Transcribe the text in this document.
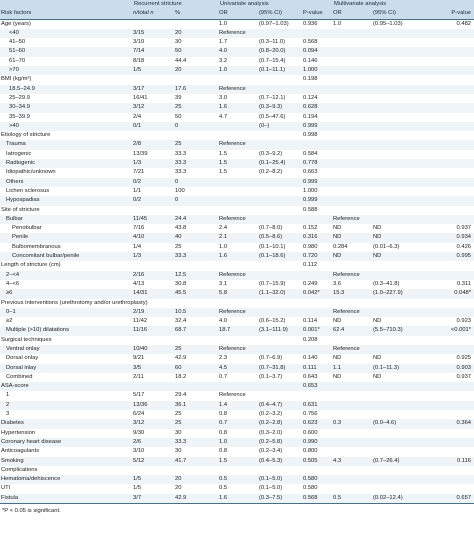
	Recurrent stricture		Univariate analysis			Multivariate analysis		
Risk factors	n/total n	%	OR	(95% CI)	P-value	OR	(95% CI)	P-value
Age (years)			1.0	(0.97–1.03)	0.936	1.0	(0.95–1.03)	0.482
<40	3/15	20	Reference					
41–50	3/10	30	1.7	(0.3–11.0)	0.568			
51–60	7/14	50	4.0	(0.8–20.0)	0.094			
61–70	8/18	44.4	3.2	(0.7–15.4)	0.146			
>70	1/5	20	1.0	(0.1–11.1)	1.000			
BMI (kg/m²)					0.198			
18.5–24.9	3/17	17.6	Reference					
25–29.9	16/41	39	3.0	(0.7–12.1)	0.124			
30–34.9	3/12	25	1.6	(0.3–9.3)	0.628			
35–39.9	2/4	50	4.7	(0.5–47.6)	0.194			
>40	0/1	0		(0–)	0.999			
Etiology of stricture					0.998			
Trauma	2/8	25	Reference					
Iatrogenic	13/39	33.3	1.5	(0.3–9.2)	0.584			
Radiogenic	1/3	33.3	1.5	(0.1–25.4)	0.778			
Idiopathic/unknown	7/21	33.3	1.5	(0.2–8.2)	0.663			
Others	0/2	0			0.999			
Lichen sclerosus	1/1	100			1.000			
Hypospadias	0/2	0			0.999			
Site of stricture					0.588			
Bulbar	11/45	24.4	Reference			Reference		
Penobulbar	7/16	43.8	2.4	(0.7–8.0)	0.152	ND	ND	0.937
Penile	4/10	40	2.1	(0.5–8.6)	0.316	ND	ND	0.934
Bulbomembranous	1/4	25	1.0	(0.1–10.1)	0.980	0.284	(0.01–6.3)	0.426
Concomitant bulbar/penile	1/3	33.3	1.6	(0.1–18.6)	0.720	ND	ND	0.995
Length of stricture (cm)					0.112			
2–<4	2/16	12.5	Reference			Reference		
4–<6	4/13	30.8	3.1	(0.7–15.9)	0.249	3.6	(0.3–41.8)	0.311
≥6	14/31	45.5	5.8	(1.1–32.0)	0.042*	15.3	(1.0–227.9)	0.048*
Previous interventions (urethrotomy and/or urethroplasty)								
0–1	2/19	10.5	Reference			Reference		
≥2	11/42	32.4	4.0	(0.6–15.2)	0.114	ND	ND	0.923
Multiple (>10) dilatations	11/16	68.7	18.7	(3.1–111.9)	0.001*	62.4	(5.5–710.3)	<0.001*
Surgical techniques					0.208			
Ventral onlay	10/40	25	Reference			Reference		
Dorsal onlay	9/21	42.9	2.3	(0.7–6.9)	0.140	ND	ND	0.925
Dorsal inlay	3/5	60	4.5	(0.7–31.8)	0.111	1.1	(0.1–11.3)	0.903
Combined	2/11	18.2	0.7	(0.1–3.7)	0.643	ND	ND	0.937
ASA-score					0.653			
1	5/17	29.4	Reference					
2	13/36	36.1	1.4	(0.4–4.7)	0.631			
3	6/24	25	0.8	(0.2–3.2)	0.756			
Diabetes	3/12	25	0.7	(0.2–2.8)	0.623	0.3	(0.0–4.6)	0.364
Hypertension	9/30	30	0.8	(0.3–2.0)	0.600			
Coronary heart disease	2/6	33.3	1.0	(0.2–5.8)	0.990			
Anticoagulants	3/10	30	0.8	(0.2–3.4)	0.800			
Smoking	5/12	41.7	1.5	(0.4–5.3)	0.505	4.3	(0.7–26.4)	0.116
Complications								
Hematoma/dehiscence	1/5	20	0.5	(0.1–5.0)	0.580			
UTI	1/5	20	0.5	(0.1–5.0)	0.580			
Fistula	3/7	42.9	1.6	(0.3–7.5)	0.568	0.5	(0.02–12.4)	0.657
*P < 0.05 is significant.
